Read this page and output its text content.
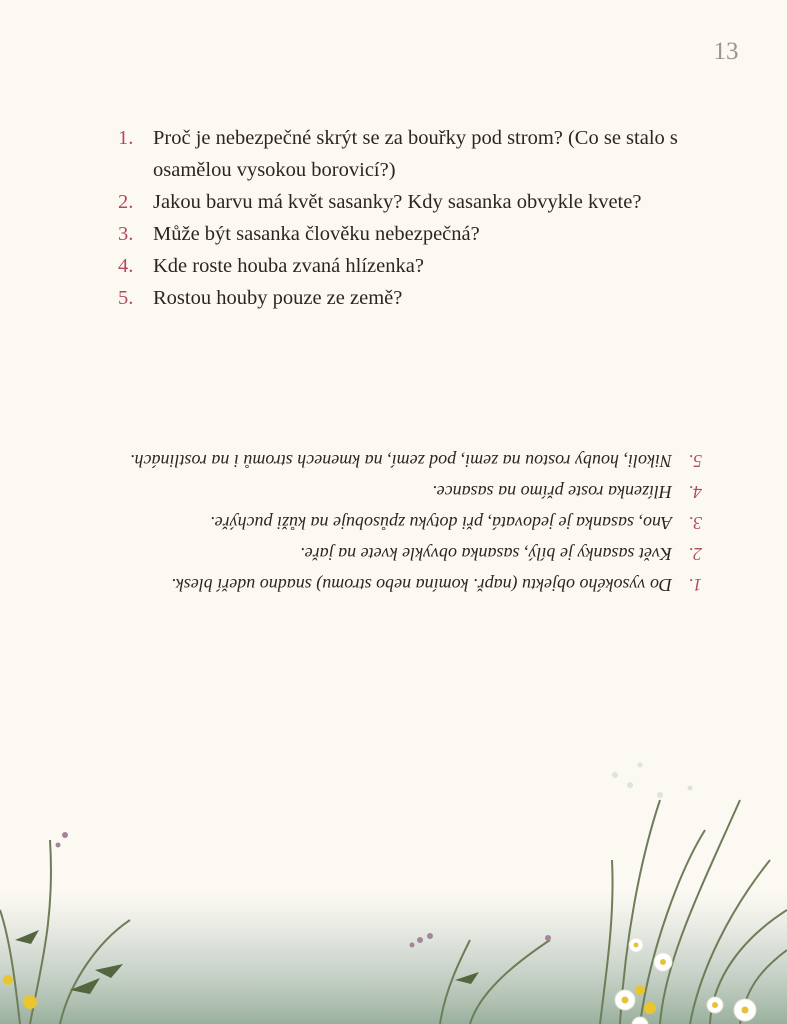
13
1. Proč je nebezpečné skrýt se za bouřky pod strom? (Co se stalo s osamělou vysokou borovicí?)
2. Jakou barvu má květ sasanky? Kdy sasanka obvykle kvete?
3. Může být sasanka člověku nebezpečná?
4. Kde roste houba zvaná hlízenka?
5. Rostou houby pouze ze země?
1.
Do vysokého objektu (např. komína nebo stromu) snadno udeří blesk.
2.
Květ sasanky je bílý, sasanka obvykle kvete na jaře.
3.
Ano, sasanka je jedovatá, při dotyku způsobuje na kůži puchýře.
4.
Hlízenka roste přímo na sasance.
5.
Nikoli, houby rostou na zemi, pod zemí, na kmenech stromů i na rostlinách.
